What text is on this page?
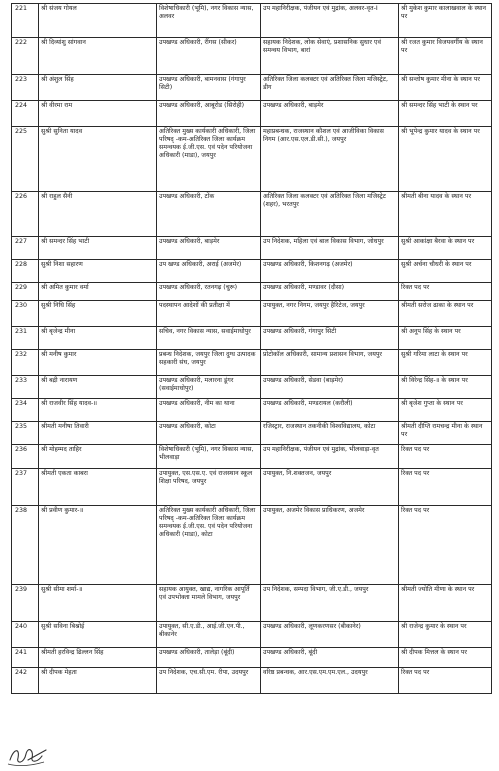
221	श्री संजय गोयल	विशेषाधिकारी (भूमि), नगर विकास न्यास, अलवर	उप महानिरीक्षक, पंजीयन एवं मुद्रांक, अलवर-वृत-I	श्री मुकेश कुमार कालाखवाल के स्थान पर
222	श्री दिव्यांशु सांगवान	उपखण्ड अधिकारी, रींगस (सीकर)	सहायक निदेशक, लोक सेवाएं, प्रशासनिक सुधार एवं समन्वय विभाग, बारां	श्री रजत कुमार विजयवर्गीय के स्थान पर
223	श्री अंशुल सिंह	उपखण्ड अधिकारी, बामनवास (गंगापुर सिटी)	अतिरिक्त जिला कलक्टर एवं अतिरिक्त जिला मजिस्ट्रेट, डीग	श्री सन्तोष कुमार मीना के स्थान पर
224	श्री वीरमा राम	उपखण्ड अधिकारी, आबूरोड (सिरोही)	उपखण्ड अधिकारी, बाड़मेर	श्री समन्दर सिंह भाटी के स्थान पर
225	सुश्री सुनिता यादव	अतिरिक्त मुख्य कार्यकारी अधिकारी, जिला परिषद् -कम-अतिरिक्त जिला कार्यक्रम समन्वयक ई.जी.एस. एवं पदेन परियोजना अधिकारी (माडा), जयपुर	महाप्रबन्धक, राजस्थान कौशल एवं आजीविका विकास निगम (आर.एस.एल.डी.सी.), जयपुर	श्री भूपेन्द्र कुमार यादव के स्थान पर
226	श्री राहुल सैनी	उपखण्ड अधिकारी, टोंक	अतिरिक्त जिला कलक्टर एवं अतिरिक्त जिला मजिस्ट्रेट (शहर), भरतपुर	श्रीमती बीना यादव के स्थान पर
227	श्री समन्दर सिंह भाटी	उपखण्ड अधिकारी, बाड़मेर	उप निदेशक, महिला एवं बाल विकास विभाग, जोधपुर	सुश्री आकांक्षा बैरवा के स्थान पर
228	सुश्री निशा सहारण	उप खण्ड अधिकारी, अराई (अजमेर)	उपखण्ड अधिकारी, किशनगढ़ (अजमेर)	सुश्री अर्चना चौधरी के स्थान पर
229	श्री अमित कुमार वर्मा	उपखण्ड अधिकारी, रतनगढ़ (चुरू)	उपखण्ड अधिकारी, मण्डावर (दौसा)	रिक्त पद पर
230	सुश्री निधि सिंह	पदस्थापन आदेशों की प्रतीक्षा में	उपायुक्त, नगर निगम, जयपुर हैरिटेज, जयपुर	श्रीमती सरोज ढाका के स्थान पर
231	श्री बृजेन्द्र मीना	सचिव, नगर विकास न्यास, सवाईमाधोपुर	उपखण्ड अधिकारी, गंगापुर सिटी	श्री अनूप सिंह के स्थान पर
232	श्री मनीष कुमार	प्रबन्ध निदेशक, जयपुर जिला दुग्ध उत्पादक सहकारी संघ, जयपुर	प्रोटोकॉल अधिकारी, सामान्य प्रशासन विभाग, जयपुर	सुश्री गरिमा लाटा के स्थान पर
233	श्री बद्री नारायण	उपखण्ड अधिकारी, मलारना डूंगर (सवाईमाधोपुर)	उपखण्ड अधिकारी, सेडवा (बाड़मेर)	श्री विरेन्द्र सिंह-॥ के स्थान पर
234	श्री राजवीर सिंह यादव-॥	उपखण्ड अधिकारी, नीम का थाना	उपखण्ड अधिकारी, मण्डरायल (करौली)	श्री बृजेश गुप्ता के स्थान पर
235	श्रीमती मनीषा तिवारी	उपखण्ड अधिकारी, कोटा	रजिस्ट्रार, राजस्थान तकनीकी विश्वविद्यालय, कोटा	श्रीमती दीप्ति रामचन्द्र मीना के स्थान पर
236	श्री मोहम्मद ताहिर	विशेषाधिकारी (भूमि), नगर विकास न्यास, भीलवाड़ा	उप महानिरीक्षक, पंजीयन एवं मुद्रांक, भीलवाड़ा-वृत	रिक्त पद पर
237	श्रीमती एकता काबरा	उपायुक्त, एस.एस.ए. एवं राजस्थान स्कूल शिक्षा परिषद, जयपुर	उपायुक्त, नि.शक्तजन, जयपुर	रिक्त पद पर
238	श्री प्रवीण कुमार-॥	अतिरिक्त मुख्य कार्यकारी अधिकारी, जिला परिषद् -कम-अतिरिक्त जिला कार्यक्रम समन्वयक ई.जी.एस. एवं पदेन परियोजना अधिकारी (माडा), कोटा	उपायुक्त, अजमेर विकास प्राधिकरण, अजमेर	रिक्त पद पर
239	सुश्री सीमा शर्मा-॥	सहायक आयुक्त, खाद्य, नागरिक आपूर्ति एवं उपभोक्ता मामले विभाग, जयपुर	उप निदेशक, सम्पदा विभाग, जी.ए.डी., जयपुर	श्रीमती ज्योति मीणा के स्थान पर
240	सुश्री सविना बिश्नोई	उपायुक्त, सी.ए.डी., आई.जी.एन.पी., बीकानेर	उपखण्ड अधिकारी, लूणकरणसर (बीकानेर)	श्री राजेन्द्र कुमार के स्थान पर
241	श्रीमती हरविन्द्र ढिल्लन सिंह	उपखण्ड अधिकारी, तालेड़ा (बूंदी)	उपखण्ड अधिकारी, बूंदी	श्री दीपक मित्तल के स्थान पर
242	श्री दीपक मेहता	उप निदेशक, एच.सी.एम. रीपा, उदयपुर	वरिष्ठ प्रबन्धक, आर.एस.एम.एम.एल., उदयपुर	रिक्त पद पर
